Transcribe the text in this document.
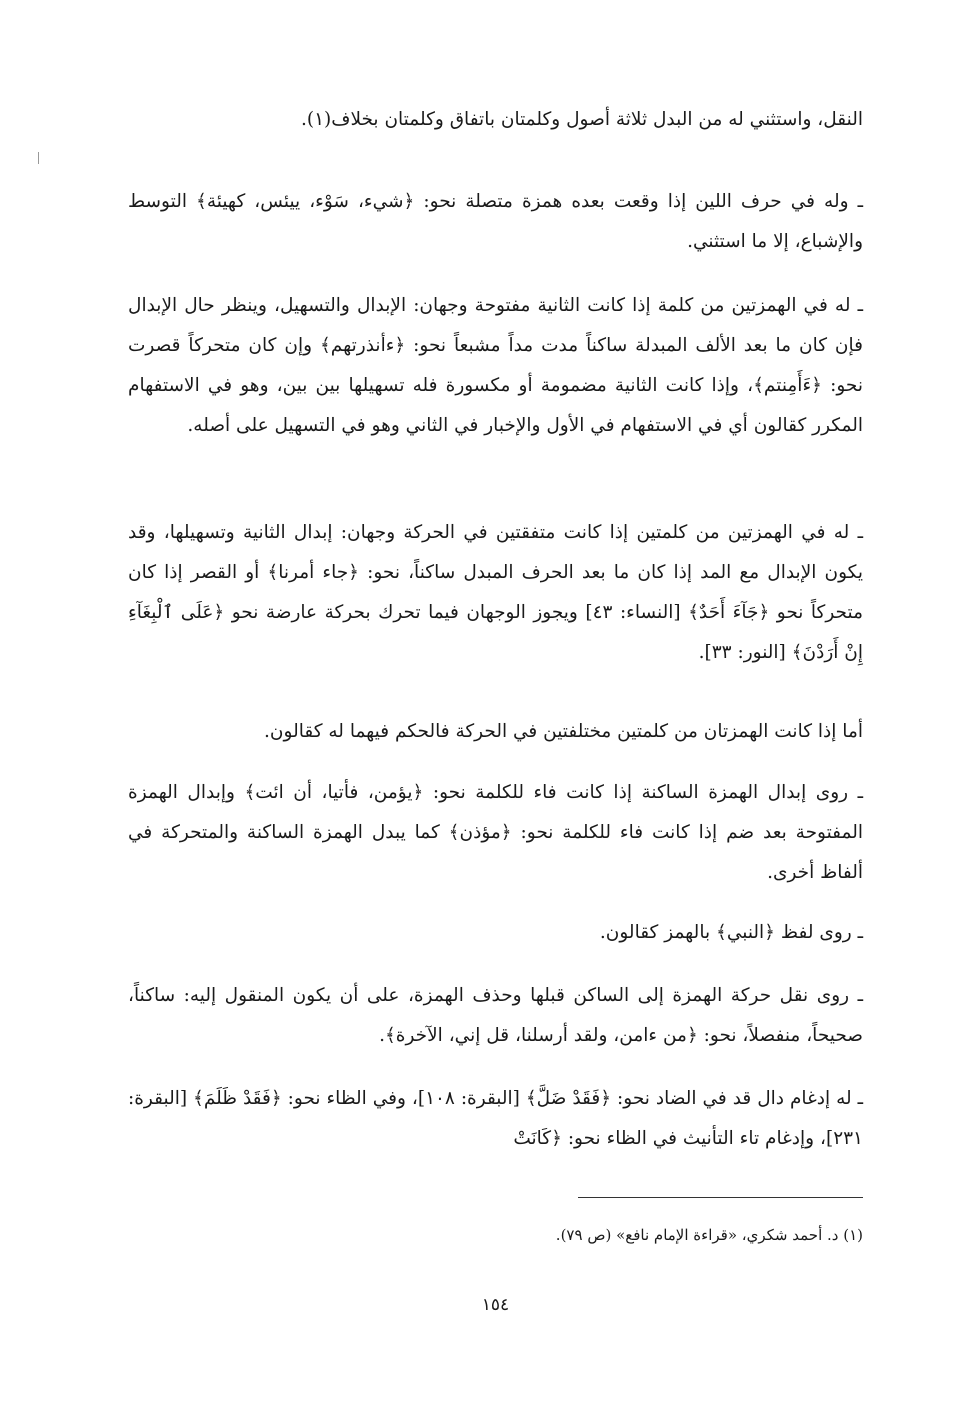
النقل، واستثني له من البدل ثلاثة أصول وكلمتان باتفاق وكلمتان بخلاف(١).

ـ وله في حرف اللين إذا وقعت بعده همزة متصلة نحو: ﴿شيء، سَوْء، ييئس، كهيئة﴾ التوسط والإشباع، إلا ما استثني.

ـ له في الهمزتين من كلمة إذا كانت الثانية مفتوحة وجهان: الإبدال والتسهيل، وينظر حال الإبدال فإن كان ما بعد الألف المبدلة ساكناً مدت مداً مشبعاً نحو: ﴿ءأنذرتهم﴾ وإن كان متحركاً قصرت نحو: ﴿ءَأَمِنتم﴾، وإذا كانت الثانية مضمومة أو مكسورة فله تسهيلها بين بين، وهو في الاستفهام المكرر كقالون أي في الاستفهام في الأول والإخبار في الثاني وهو في التسهيل على أصله.

ـ له في الهمزتين من كلمتين إذا كانت متفقتين في الحركة وجهان: إبدال الثانية وتسهيلها، وقد يكون الإبدال مع المد إذا كان ما بعد الحرف المبدل ساكناً، نحو: ﴿جاء أمرنا﴾ أو القصر إذا كان متحركاً نحو ﴿جَآءَ أَحَدٌ﴾ [النساء: ٤٣] ويجوز الوجهان فيما تحرك بحركة عارضة نحو ﴿عَلَى ٱلْبِغَآءِ إِنْ أَرَدْنَ﴾ [النور: ٣٣].

أما إذا كانت الهمزتان من كلمتين مختلفتين في الحركة فالحكم فيهما له كقالون.

ـ روى إبدال الهمزة الساكنة إذا كانت فاء للكلمة نحو: ﴿يؤمن، فأتيا، أن ائت﴾ وإبدال الهمزة المفتوحة بعد ضم إذا كانت فاء للكلمة نحو: ﴿مؤذن﴾ كما يبدل الهمزة الساكنة والمتحركة في ألفاظ أخرى.

ـ روى لفظ ﴿النبي﴾ بالهمز كقالون.

ـ روى نقل حركة الهمزة إلى الساكن قبلها وحذف الهمزة، على أن يكون المنقول إليه: ساكناً، صحيحاً، منفصلاً، نحو: ﴿من ءامن، ولقد أرسلنا، قل إني، الآخرة﴾.

ـ له إدغام دال قد في الضاد نحو: ﴿فَقَدْ ضَلَّ﴾ [البقرة: ١٠٨]، وفي الظاء نحو: ﴿فَقَدْ ظَلَمَ﴾ [البقرة: ٢٣١]، وإدغام تاء التأنيث في الظاء نحو: ﴿كَانَتْ

(١) د. أحمد شكري، «قراءة الإمام نافع» (ص ٧٩).

١٥٤
